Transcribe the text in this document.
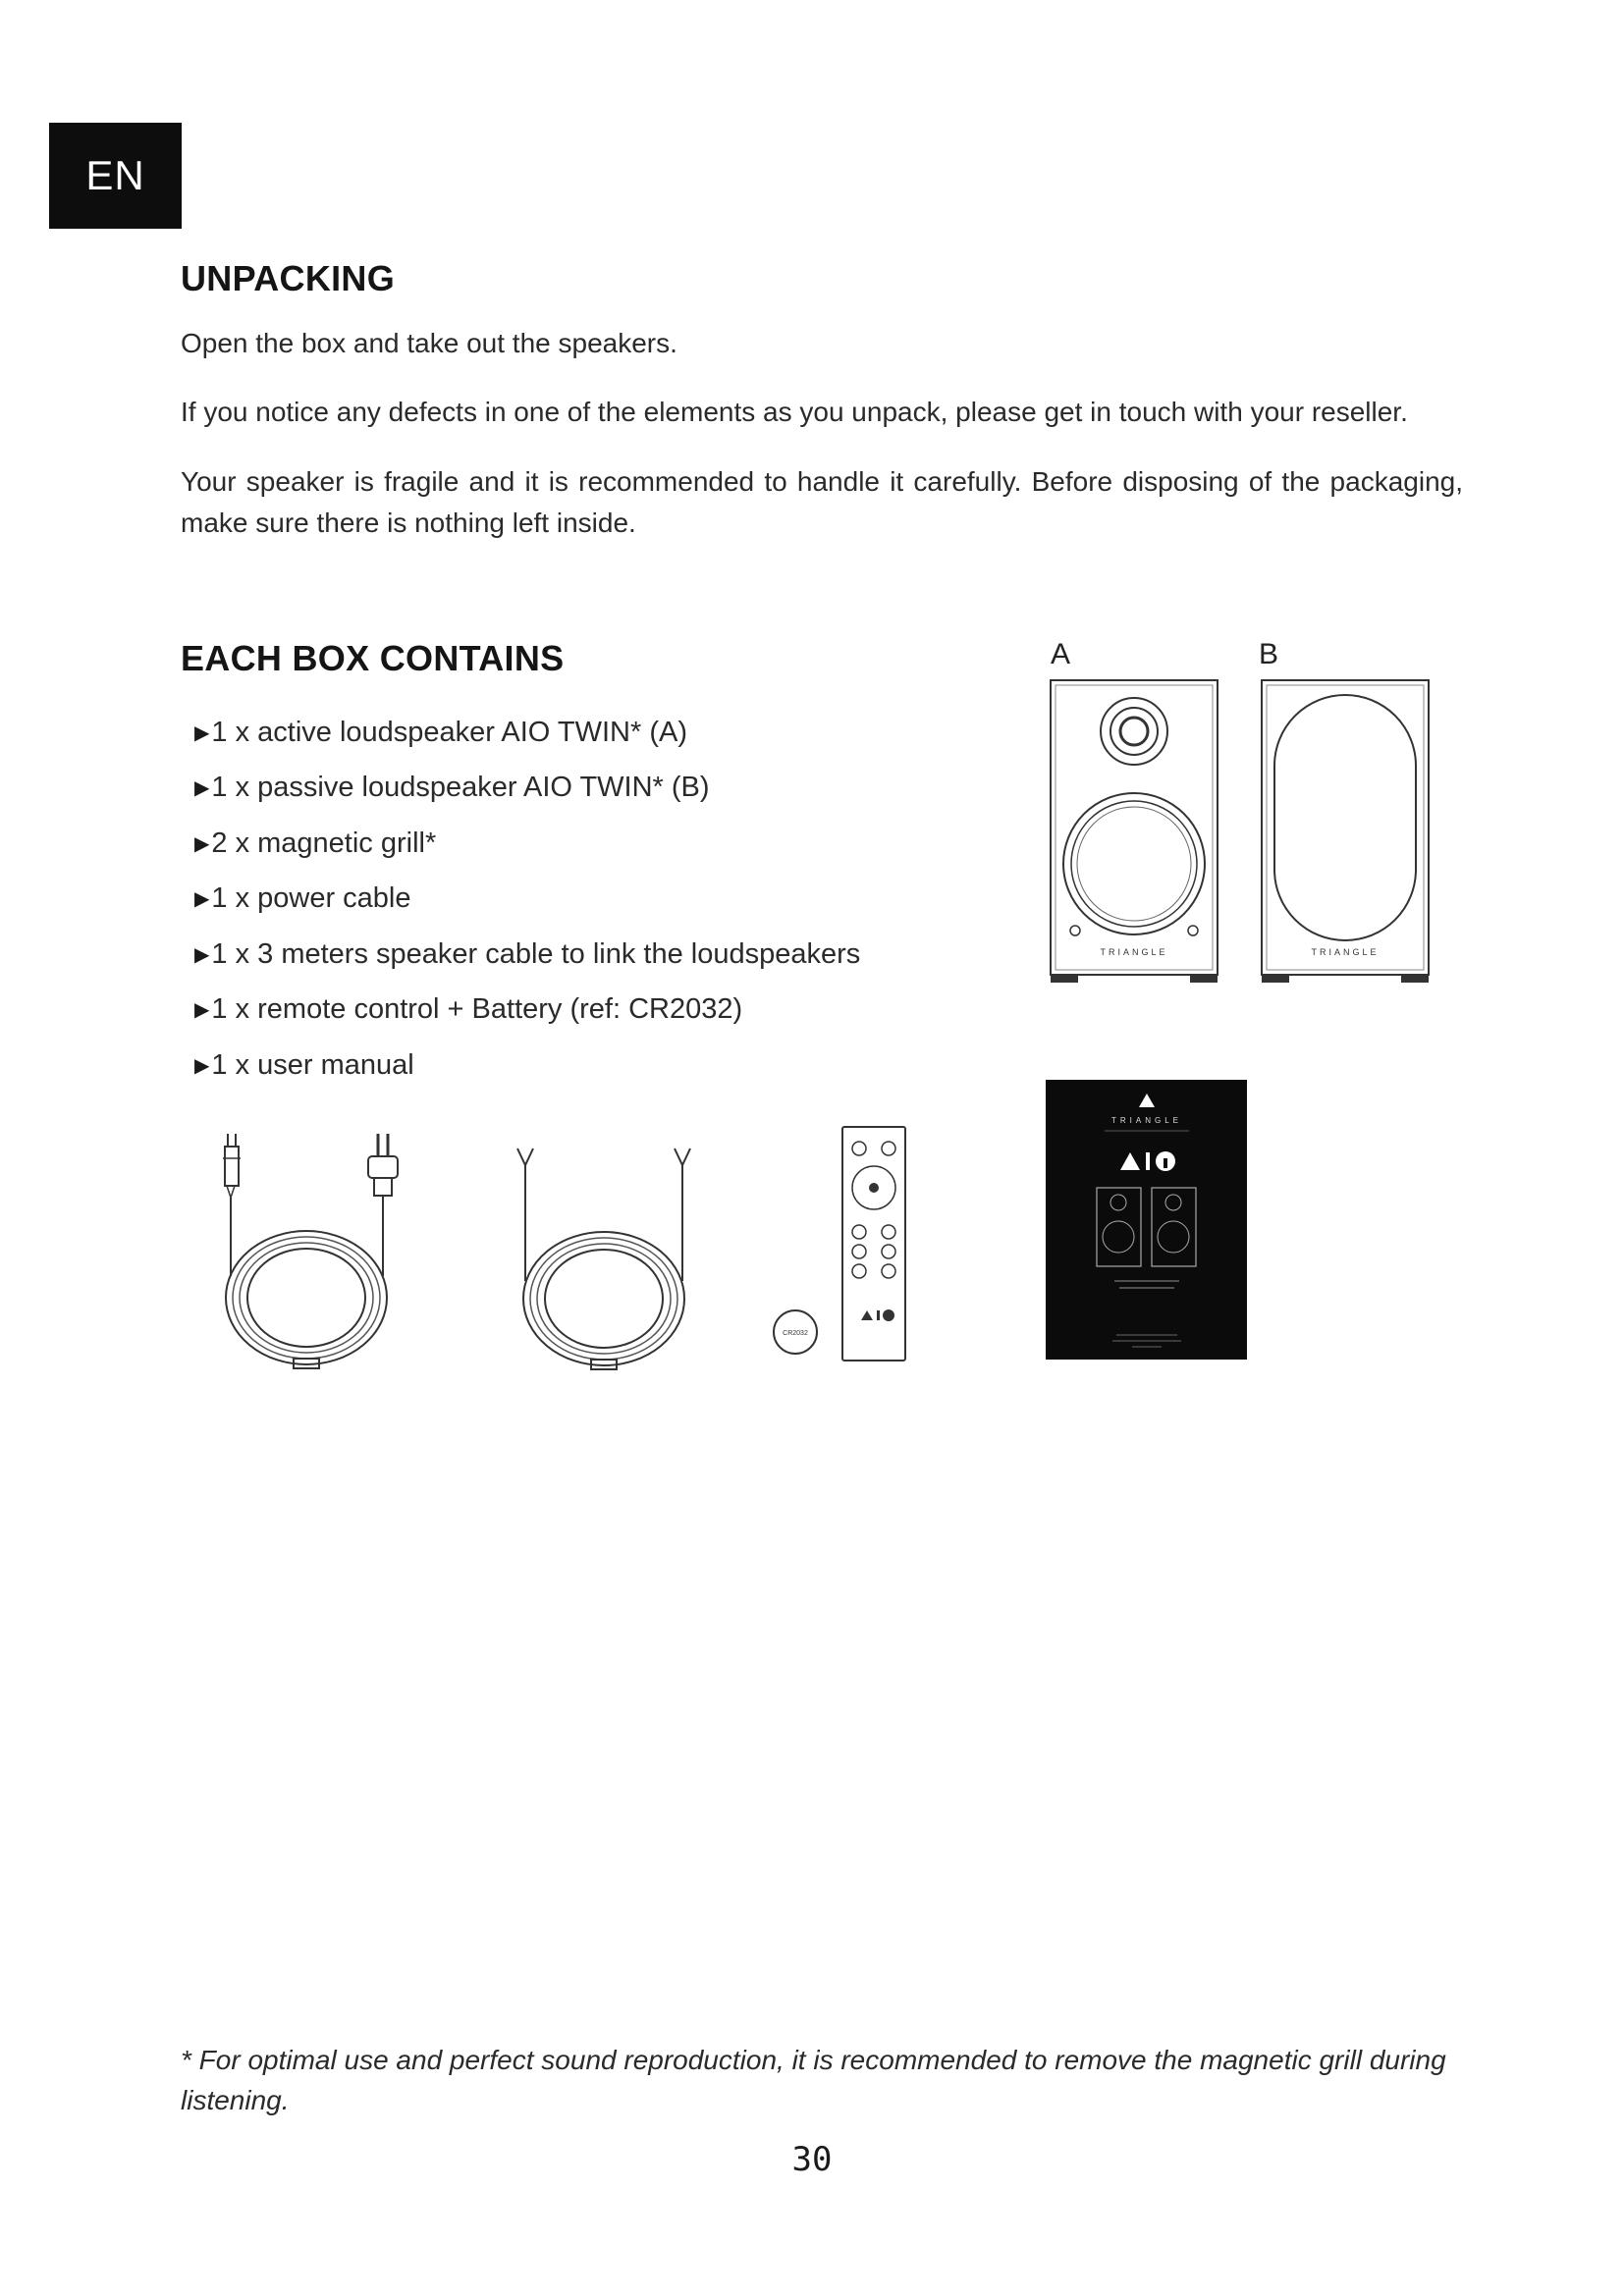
EN
UNPACKING

Open the box and take out the speakers.

If you notice any defects in one of the elements as you unpack, please get in touch with your reseller.

Your speaker is fragile and it is recommended to handle it carefully. Before disposing of the packaging, make sure there is nothing left inside.

EACH BOX CONTAINS
▶ 1 x active loudspeaker AIO TWIN* (A)
▶ 1 x passive loudspeaker AIO TWIN* (B)
▶ 2 x magnetic grill*
▶ 1 x power cable
▶ 1 x 3 meters speaker cable to link the loudspeakers
▶ 1 x remote control + Battery (ref: CR2032)
▶ 1 x user manual
A	B
TRIANGLE	TRIANGLE
CR2032
TRIANGLE

* For optimal use and perfect sound reproduction, it is recommended to remove the magnetic grill during listening.

30
